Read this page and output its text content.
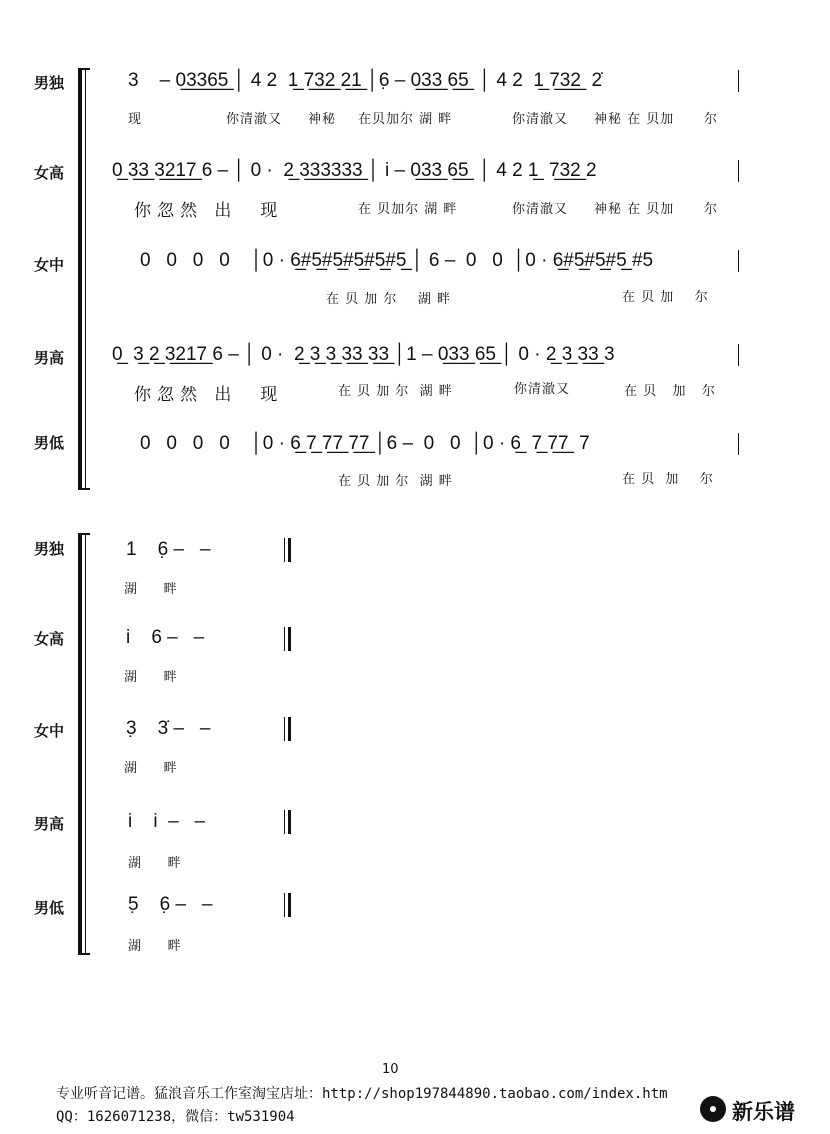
男独	3    – 0̲3̲3̲6̲5̲ │ 4 2  1̲ 7̲3̲2̲ 2̲1̲ │6̣ – 0̲3̲3̲ 6̲5̲  │ 4 2  1̲ 7̲3̲2̲  2̇
现	你清澈又 神秘 在贝加尔 湖 畔	你清澈又 神秘 在 贝加 尔
女高	0̲ 3̲3̲ 3̲2̲1̲7̲ 6 – │ 0 ·  2̲ 3̲3̲3̲3̲3̲3̲ │ i – 0̲3̲3̲ 6̲5̲  │ 4 2 1̲  7̲3̲2̲ 2
你忽然 出  现	在 贝加尔 湖 畔	你清澈又 神秘 在 贝加 尔
女中	0   0   0   0    │0 · 6̲#5̲#5̲#5̲#5̲#5̲ │ 6 –  0   0  │0 · 6̲#5̲#5̲#5̲ #5
在 贝 加 尔    湖 畔	在 贝 加    尔
男高	0̲  3̲ 2̲ 3̲2̲1̲7̲ 6 – │ 0 ·  2̲ 3̲ 3̲ 3̲3̲ 3̲3̲ │1 – 0̲3̲3̲ 6̲5̲ │ 0 · 2̲ 3̲ 3̲3̲ 3
你忽然 出  现	在 贝 加 尔  湖 畔	你清澈又	在 贝   加   尔
男低	0   0   0   0    │0 · 6̲ 7̲ 7̲7̲ 7̲7̲ │6 –  0   0  │0 · 6̲  7̲ 7̲7̲  7
在 贝 加 尔  湖 畔	在 贝  加    尔
男独	1    6̣ –   –
湖     畔
女高	i    6 –   –
湖     畔
女中	3̣    3̇ –   –
湖     畔
男高	i    i  –   –
湖     畔
男低	5̣    6̣ –   –
湖     畔
10
专业听音记谱。猛浪音乐工作室淘宝店址：http://shop197844890.taobao.com/index.htm
QQ：1626071238，微信：tw531904	新乐谱
